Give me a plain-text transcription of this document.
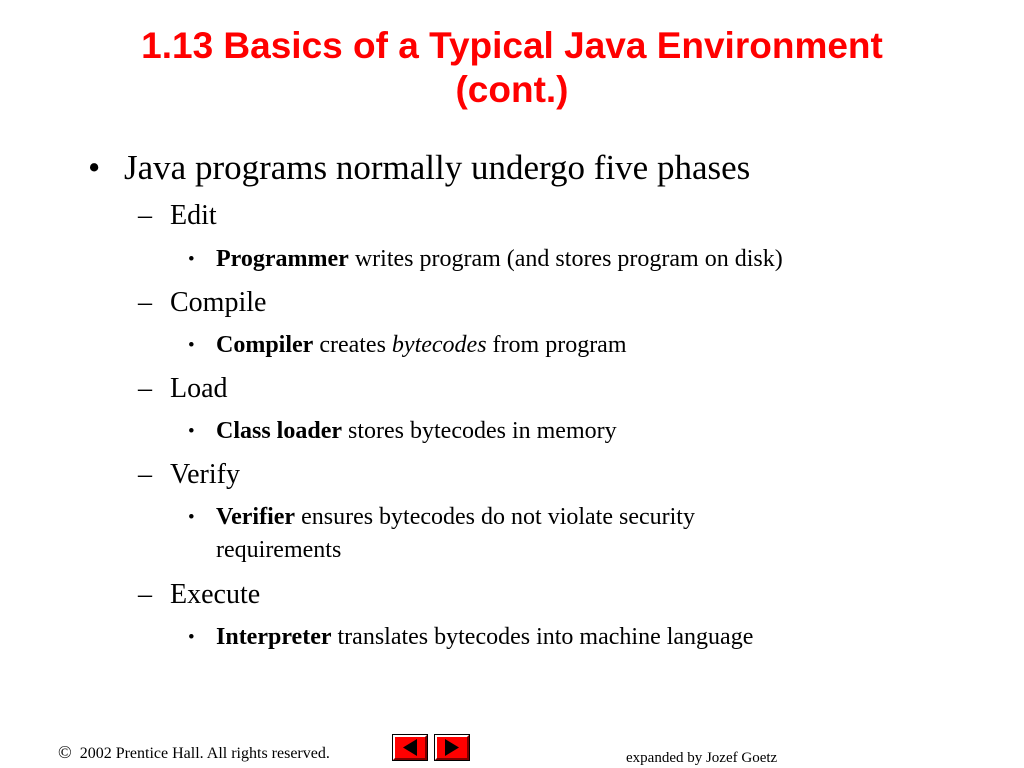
1.13 Basics of a Typical Java Environment
(cont.)
• Java programs normally undergo five phases
– Edit
• Programmer writes program (and stores program on disk)
– Compile
• Compiler creates bytecodes from program
– Load
• Class loader stores bytecodes in memory
– Verify
• Verifier ensures bytecodes do not violate security
requirements
– Execute
• Interpreter translates bytecodes into machine language
© 2002 Prentice Hall. All rights reserved.	expanded by Jozef Goetz
